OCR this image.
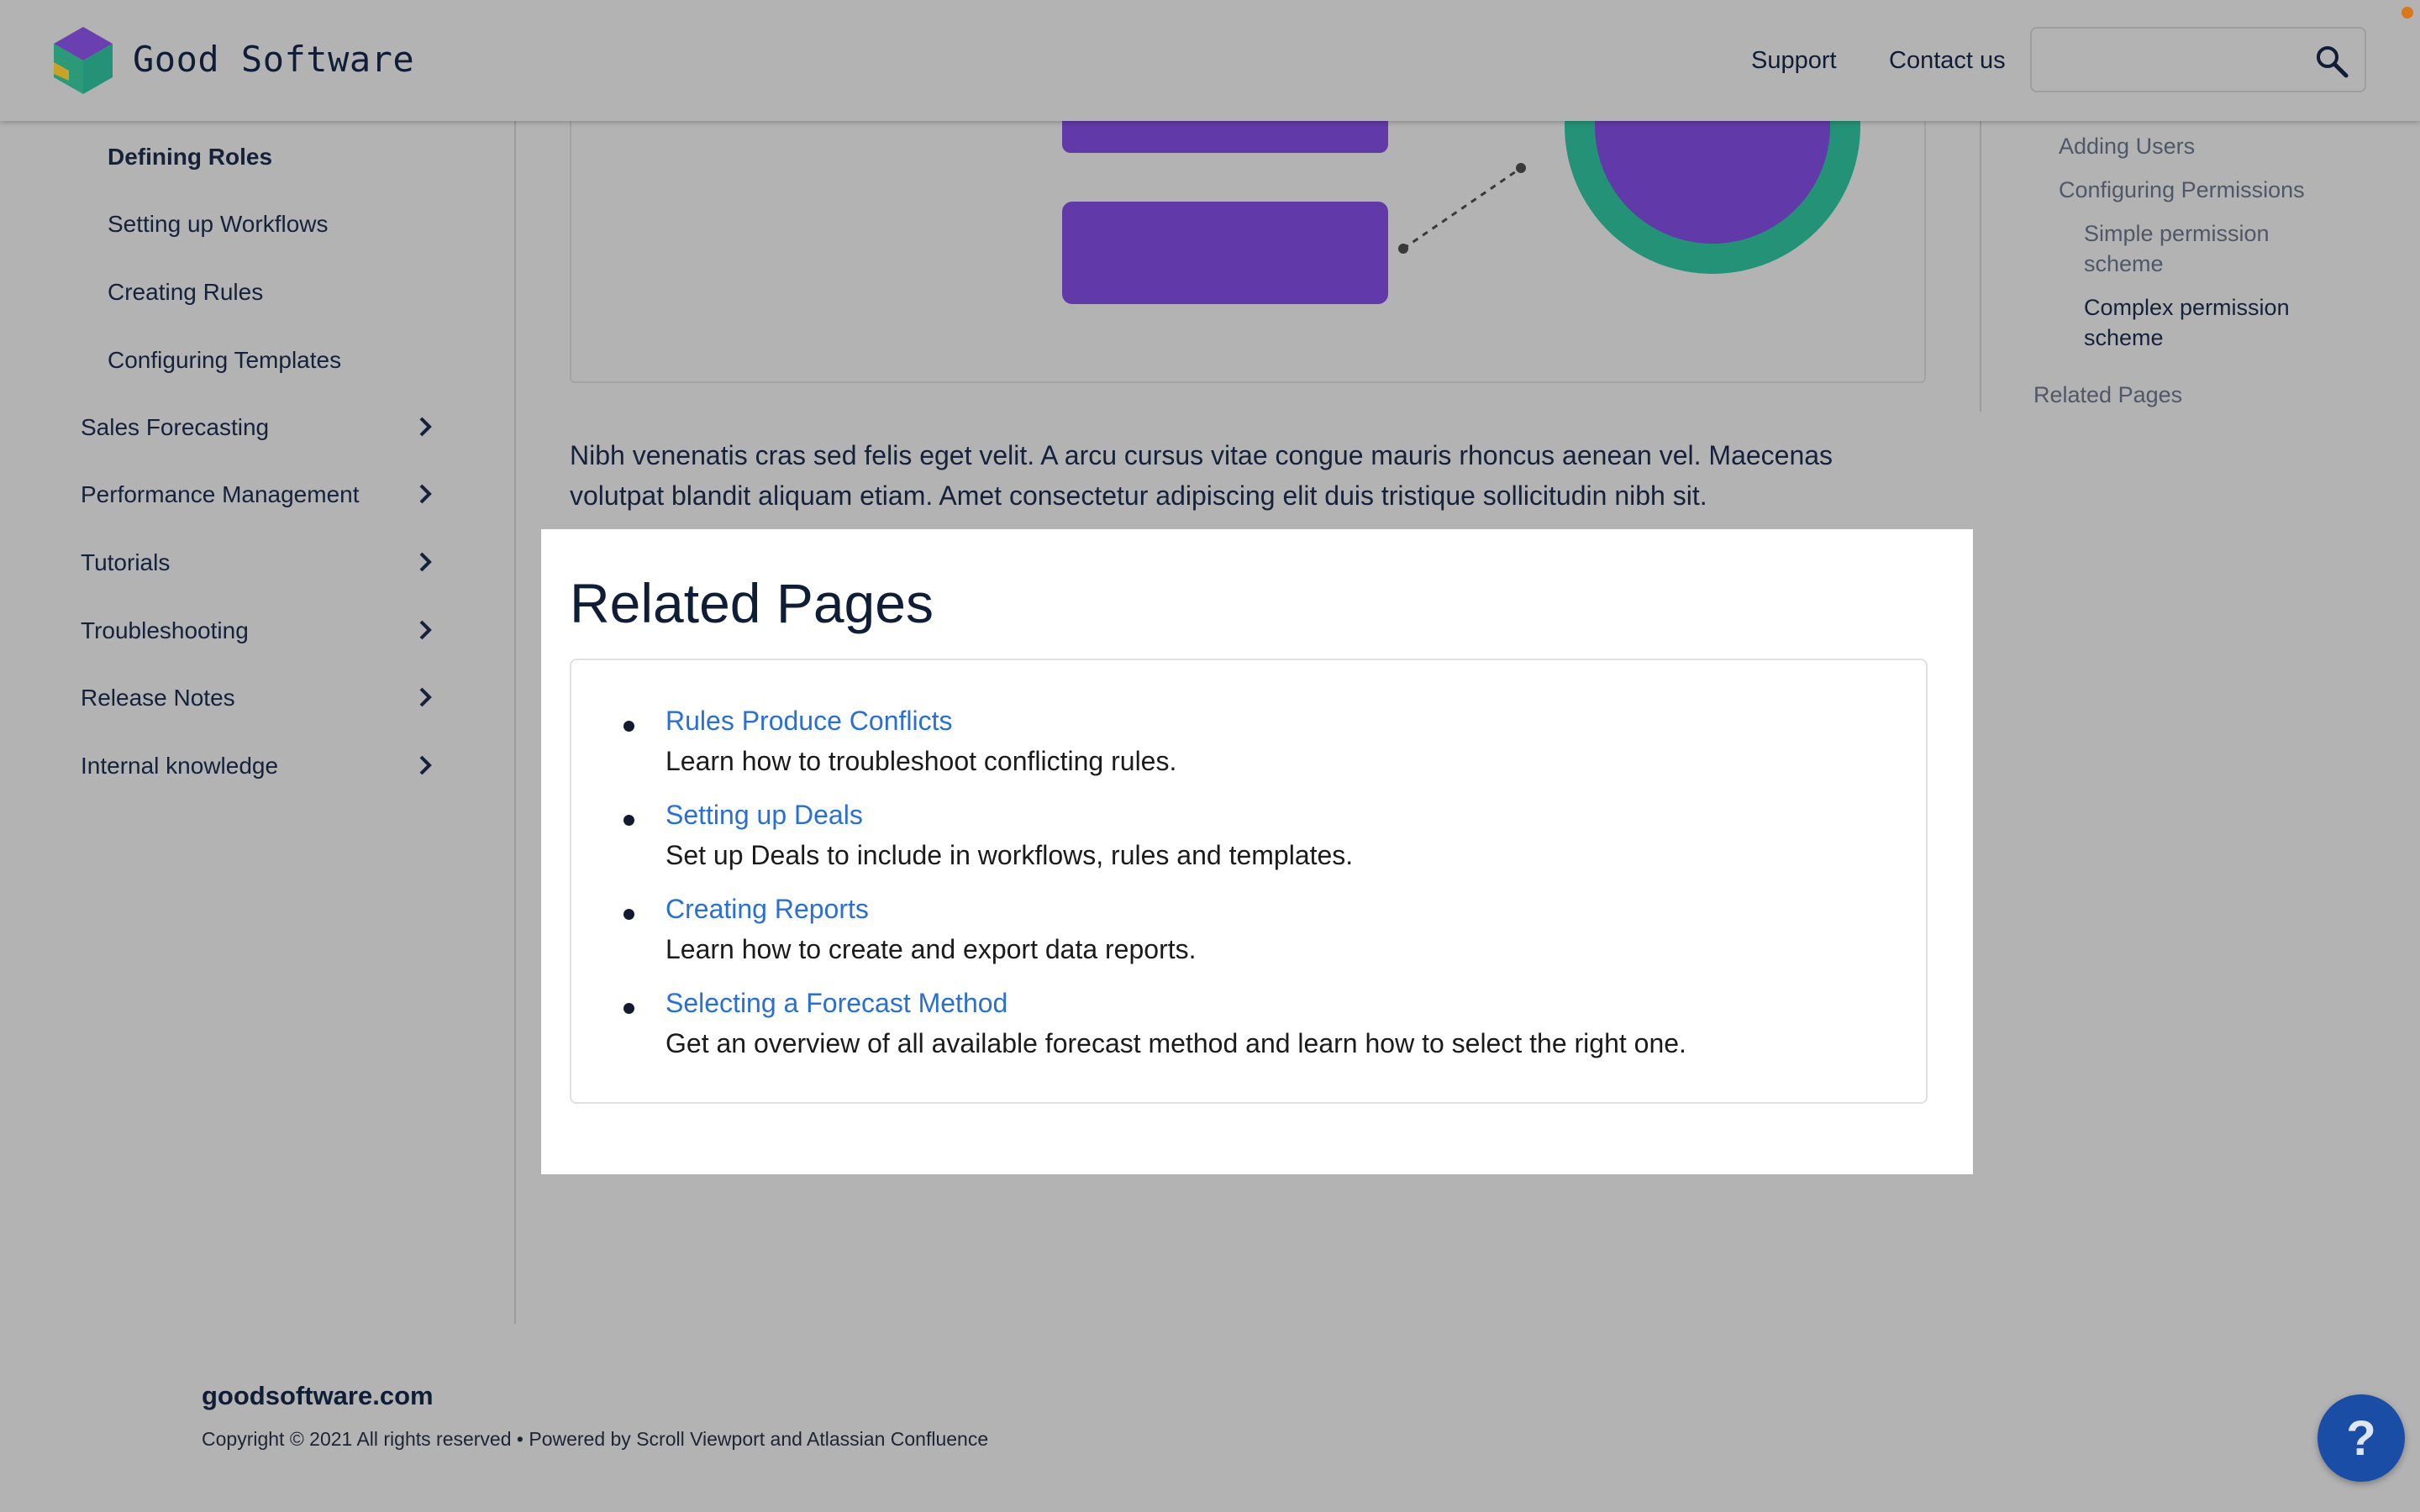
Good Software	Support Contact us
Defining Roles
Setting up Workflows
Creating Rules
Configuring Templates
Sales Forecasting
Performance Management
Tutorials
Troubleshooting
Release Notes
Internal knowledge

Nibh venenatis cras sed felis eget velit. A arcu cursus vitae congue mauris rhoncus aenean vel. Maecenas volutpat blandit aliquam etiam. Amet consectetur adipiscing elit duis tristique sollicitudin nibh sit.

Related Pages
Rules Produce Conflicts
Learn how to troubleshoot conflicting rules.
Setting up Deals
Set up Deals to include in workflows, rules and templates.
Creating Reports
Learn how to create and export data reports.
Selecting a Forecast Method
Get an overview of all available forecast method and learn how to select the right one.
Adding Users
Configuring Permissions
Simple permission scheme
Complex permission scheme
Related Pages
goodsoftware.com
Copyright © 2021 All rights reserved • Powered by Scroll Viewport and Atlassian Confluence	?
